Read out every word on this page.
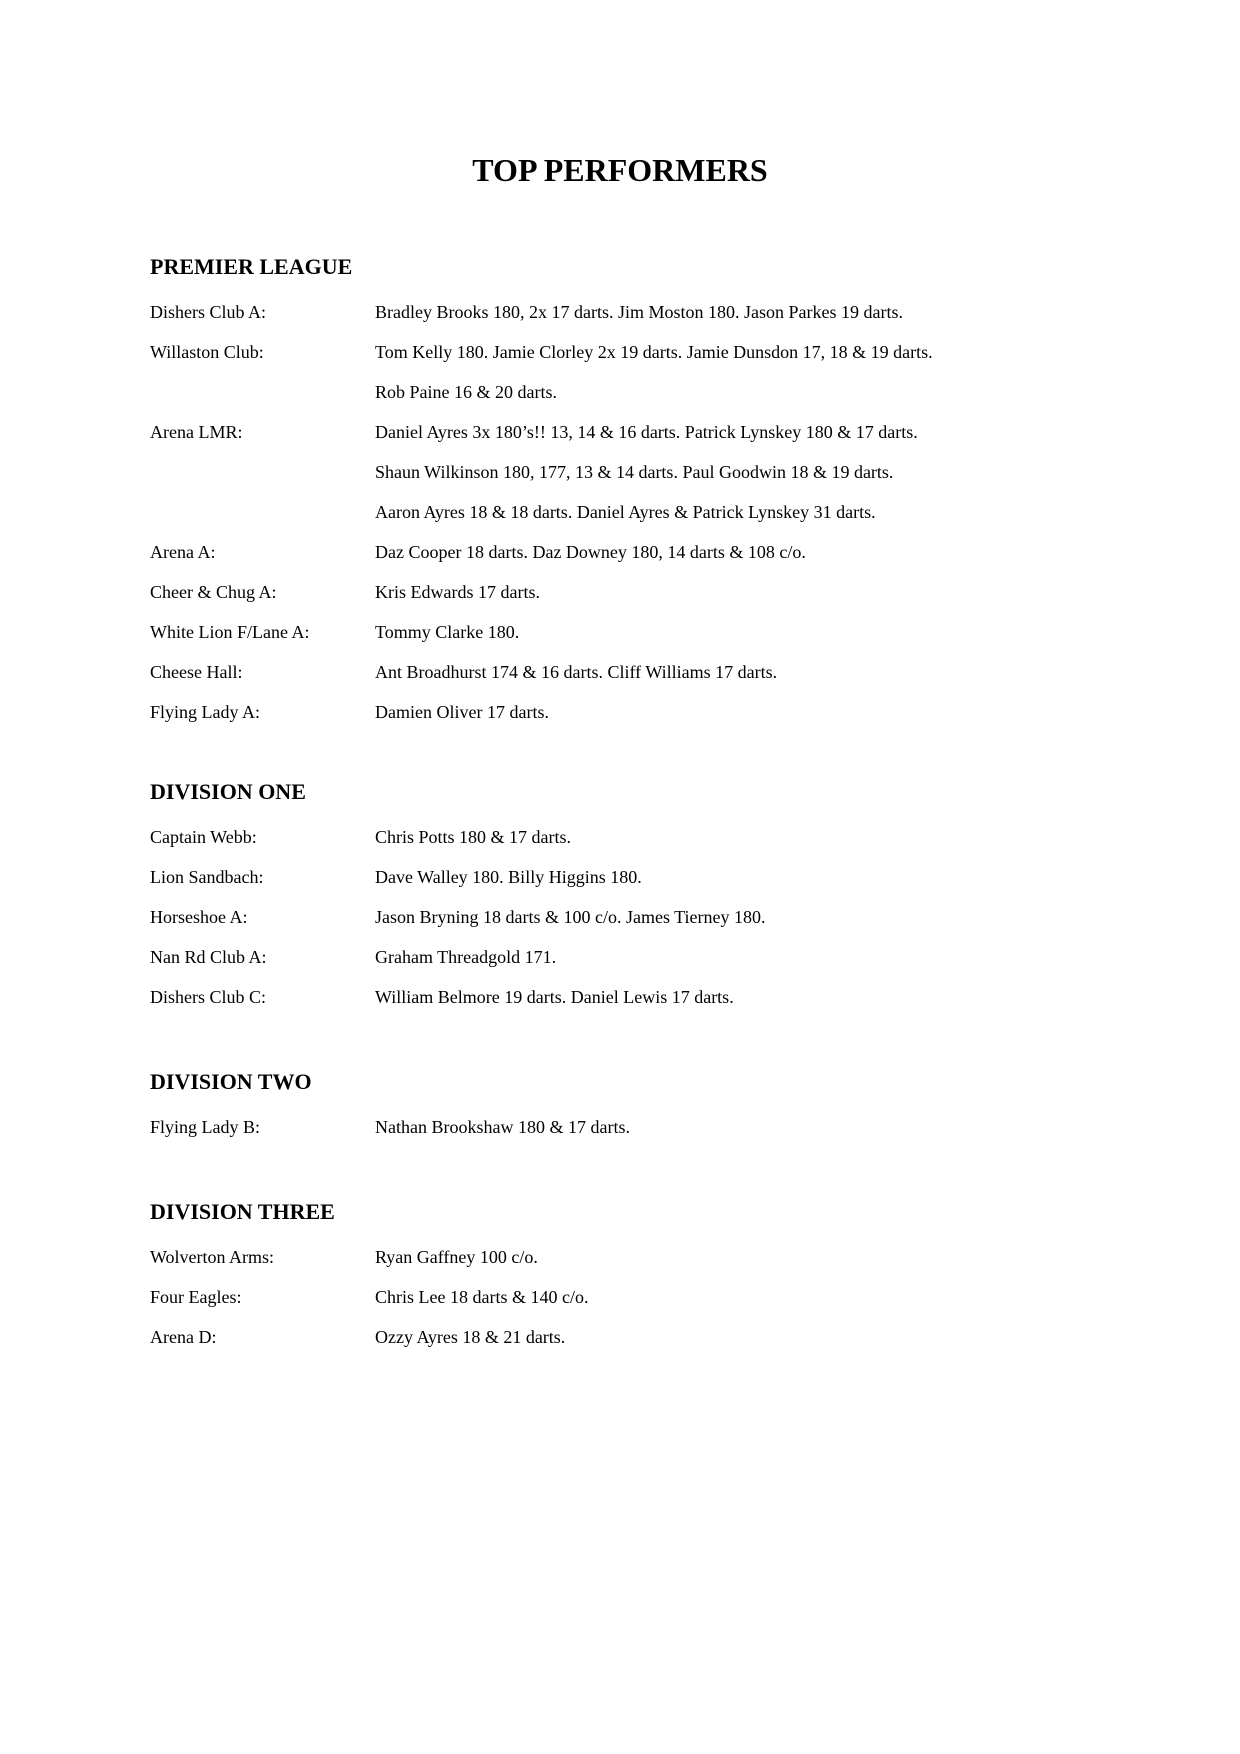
TOP PERFORMERS
PREMIER LEAGUE
Dishers Club A:	Bradley Brooks 180, 2x 17 darts. Jim Moston 180. Jason Parkes 19 darts.
Willaston Club:	Tom Kelly 180. Jamie Clorley 2x 19 darts. Jamie Dunsdon 17, 18 & 19 darts.
Rob Paine 16 & 20 darts.
Arena LMR:	Daniel Ayres 3x 180’s!! 13, 14 & 16 darts. Patrick Lynskey 180 & 17 darts.
Shaun Wilkinson 180, 177, 13 & 14 darts. Paul Goodwin 18 & 19 darts.
Aaron Ayres 18 & 18 darts. Daniel Ayres & Patrick Lynskey 31 darts.
Arena A:	Daz Cooper 18 darts. Daz Downey 180, 14 darts & 108 c/o.
Cheer & Chug A:	Kris Edwards 17 darts.
White Lion F/Lane A:	Tommy Clarke 180.
Cheese Hall:	Ant Broadhurst 174 & 16 darts. Cliff Williams 17 darts.
Flying Lady A:	Damien Oliver 17 darts.
DIVISION ONE
Captain Webb:	Chris Potts 180 & 17 darts.
Lion Sandbach:	Dave Walley 180. Billy Higgins 180.
Horseshoe A:	Jason Bryning 18 darts & 100 c/o. James Tierney 180.
Nan Rd Club A:	Graham Threadgold 171.
Dishers Club C:	William Belmore 19 darts. Daniel Lewis 17 darts.
DIVISION TWO
Flying Lady B:	Nathan Brookshaw 180 & 17 darts.
DIVISION THREE
Wolverton Arms:	Ryan Gaffney 100 c/o.
Four Eagles:	Chris Lee 18 darts & 140 c/o.
Arena D:	Ozzy Ayres 18 & 21 darts.
